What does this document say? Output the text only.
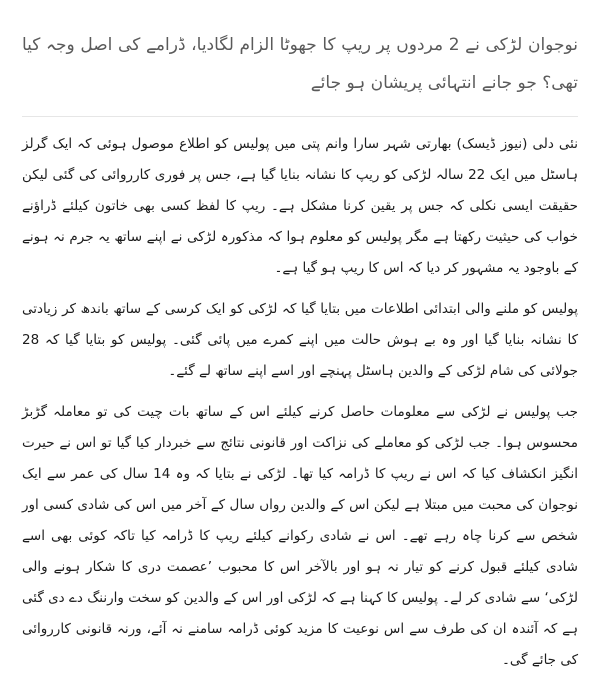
نوجوان لڑکی نے 2 مردوں پر ریپ کا جھوٹا الزام لگادیا، ڈرامے کی اصل وجہ کیا تھی؟ جو جانے انتہائی پریشان ہو جائے

نئی دلی (نیوز ڈیسک) بھارتی شہر سارا وانم پتی میں پولیس کو اطلاع موصول ہوئی کہ ایک گرلز ہاسٹل میں ایک 22 سالہ لڑکی کو ریپ کا نشانہ بنایا گیا ہے، جس پر فوری کارروائی کی گئی لیکن حقیقت ایسی نکلی کہ جس پر یقین کرنا مشکل ہے۔ ریپ کا لفظ کسی بھی خاتون کیلئے ڈراؤنے خواب کی حیثیت رکھتا ہے مگر پولیس کو معلوم ہوا کہ مذکورہ لڑکی نے اپنے ساتھ یہ جرم نہ ہونے کے باوجود یہ مشہور کر دیا کہ اس کا ریپ ہو گیا ہے۔

پولیس کو ملنے والی ابتدائی اطلاعات میں بتایا گیا کہ لڑکی کو ایک کرسی کے ساتھ باندھ کر زیادتی کا نشانہ بنایا گیا اور وہ بے ہوش حالت میں اپنے کمرے میں پائی گئی۔ پولیس کو بتایا گیا کہ 28 جولائی کی شام لڑکی کے والدین ہاسٹل پہنچے اور اسے اپنے ساتھ لے گئے۔

جب پولیس نے لڑکی سے معلومات حاصل کرنے کیلئے اس کے ساتھ بات چیت کی تو معاملہ گڑبڑ محسوس ہوا۔ جب لڑکی کو معاملے کی نزاکت اور قانونی نتائج سے خبردار کیا گیا تو اس نے حیرت انگیز انکشاف کیا کہ اس نے ریپ کا ڈرامہ کیا تھا۔ لڑکی نے بتایا کہ وہ 14 سال کی عمر سے ایک نوجوان کی محبت میں مبتلا ہے لیکن اس کے والدین رواں سال کے آخر میں اس کی شادی کسی اور شخص سے کرنا چاہ رہے تھے۔ اس نے شادی رکوانے کیلئے ریپ کا ڈرامہ کیا تاکہ کوئی بھی اسے شادی کیلئے قبول کرنے کو تیار نہ ہو اور بالآخر اس کا محبوب ’عصمت دری کا شکار ہونے والی لڑکی‘ سے شادی کر لے۔ پولیس کا کہنا ہے کہ لڑکی اور اس کے والدین کو سخت وارننگ دے دی گئی ہے کہ آئندہ ان کی طرف سے اس نوعیت کا مزید کوئی ڈرامہ سامنے نہ آئے، ورنہ قانونی کارروائی کی جائے گی۔
